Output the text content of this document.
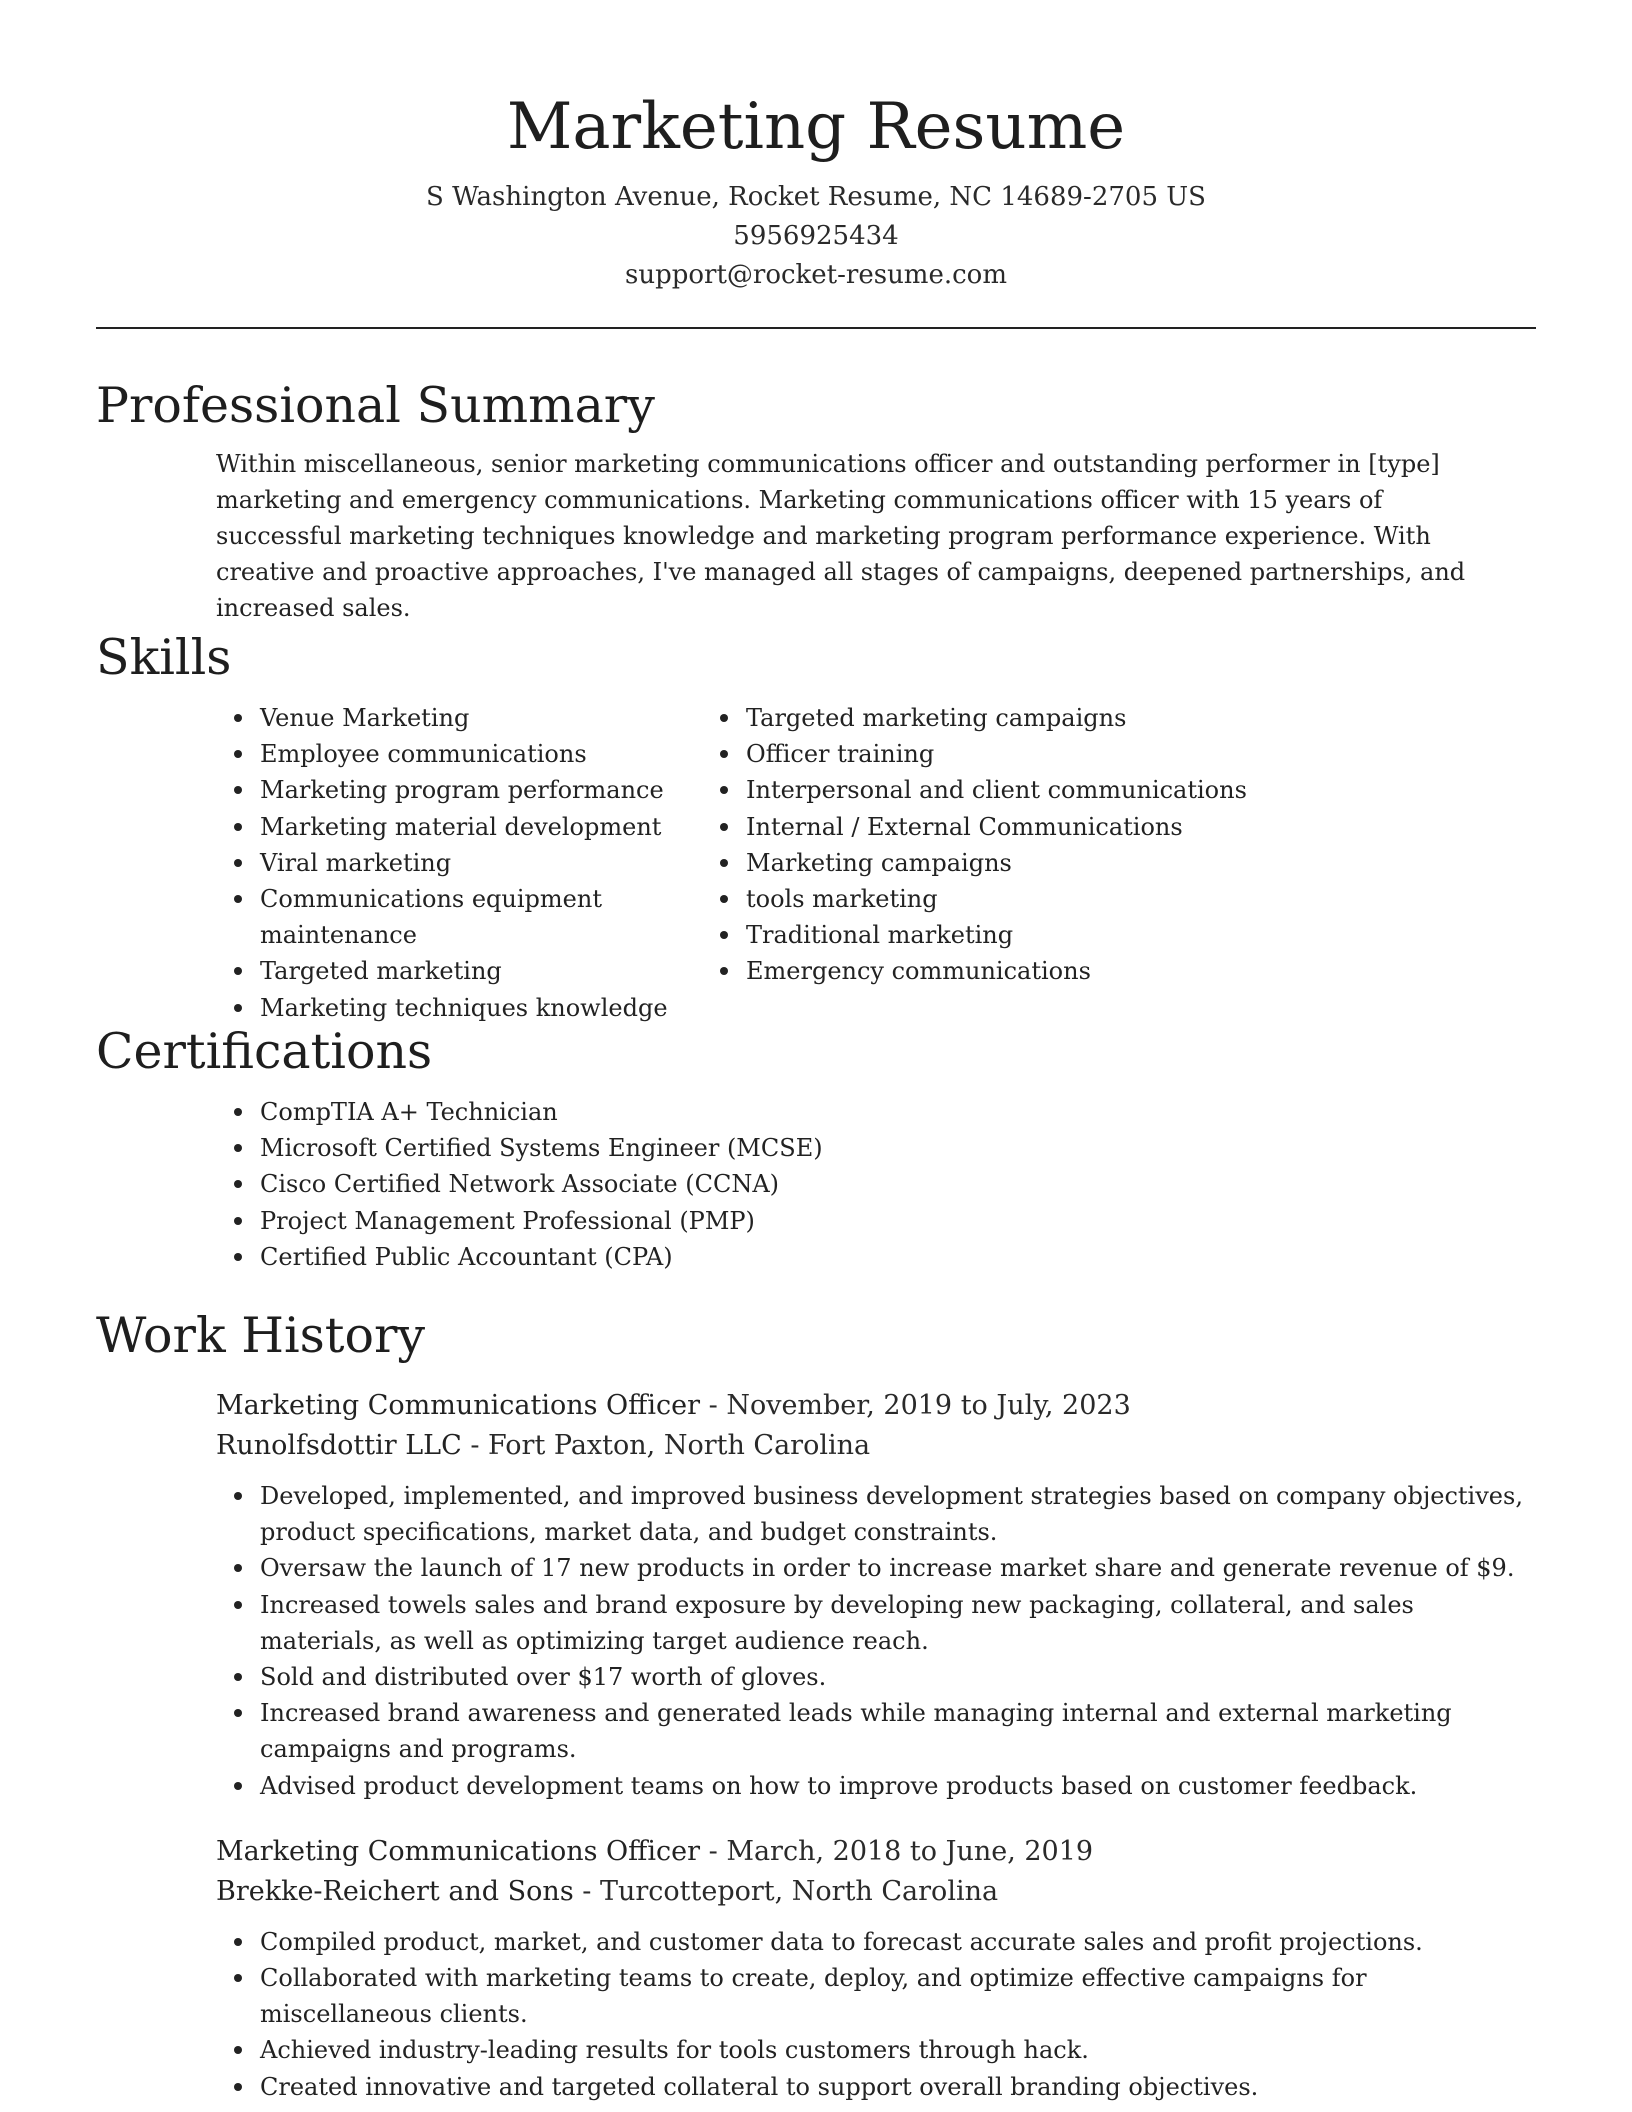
Marketing Resume
S Washington Avenue, Rocket Resume, NC 14689-2705 US
5956925434
support@rocket-resume.com
Professional Summary

Within miscellaneous, senior marketing communications officer and outstanding performer in [type] marketing and emergency communications. Marketing communications officer with 15 years of successful marketing techniques knowledge and marketing program performance experience. With creative and proactive approaches, I've managed all stages of campaigns, deepened partnerships, and increased sales.

Skills
Venue Marketing
Employee communications
Marketing program performance
Marketing material development
Viral marketing
Communications equipment maintenance
Targeted marketing
Marketing techniques knowledge
Targeted marketing campaigns
Officer training
Interpersonal and client communications
Internal / External Communications
Marketing campaigns
tools marketing
Traditional marketing
Emergency communications
Certifications
CompTIA A+ Technician
Microsoft Certified Systems Engineer (MCSE)
Cisco Certified Network Associate (CCNA)
Project Management Professional (PMP)
Certified Public Accountant (CPA)
Work History
Marketing Communications Officer - November, 2019 to July, 2023
Runolfsdottir LLC - Fort Paxton, North Carolina
Developed, implemented, and improved business development strategies based on company objectives, product specifications, market data, and budget constraints.
Oversaw the launch of 17 new products in order to increase market share and generate revenue of $9.
Increased towels sales and brand exposure by developing new packaging, collateral, and sales materials, as well as optimizing target audience reach.
Sold and distributed over $17 worth of gloves.
Increased brand awareness and generated leads while managing internal and external marketing campaigns and programs.
Advised product development teams on how to improve products based on customer feedback.
Marketing Communications Officer - March, 2018 to June, 2019
Brekke-Reichert and Sons - Turcotteport, North Carolina
Compiled product, market, and customer data to forecast accurate sales and profit projections.
Collaborated with marketing teams to create, deploy, and optimize effective campaigns for miscellaneous clients.
Achieved industry-leading results for tools customers through hack.
Created innovative and targeted collateral to support overall branding objectives.
